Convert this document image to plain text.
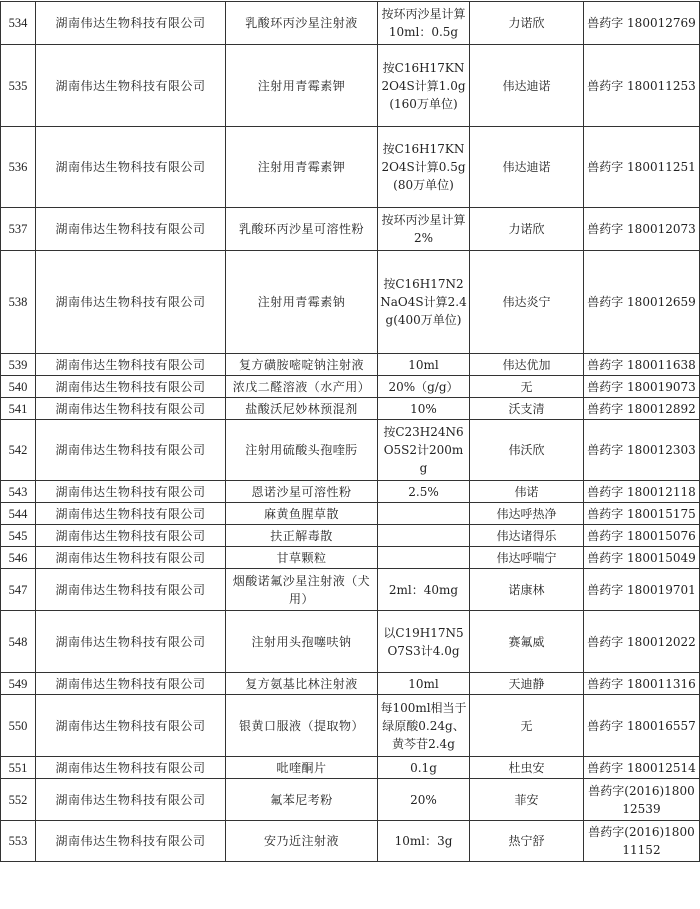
534	湖南伟达生物科技有限公司	乳酸环丙沙星注射液	按环丙沙星计算10ml：0.5g	力诺欣	兽药字 180012769
535	湖南伟达生物科技有限公司	注射用青霉素钾	按C16H17KN2O4S计算1.0g(160万单位)	伟达迪诺	兽药字 180011253
536	湖南伟达生物科技有限公司	注射用青霉素钾	按C16H17KN2O4S计算0.5g(80万单位)	伟达迪诺	兽药字 180011251
537	湖南伟达生物科技有限公司	乳酸环丙沙星可溶性粉	按环丙沙星计算2%	力诺欣	兽药字 180012073
538	湖南伟达生物科技有限公司	注射用青霉素钠	按C16H17N2NaO4S计算2.4g(400万单位)	伟达炎宁	兽药字 180012659
539	湖南伟达生物科技有限公司	复方磺胺嘧啶钠注射液	10ml	伟达优加	兽药字 180011638
540	湖南伟达生物科技有限公司	浓戊二醛溶液（水产用）	20%（g/g）	无	兽药字 180019073
541	湖南伟达生物科技有限公司	盐酸沃尼妙林预混剂	10%	沃支清	兽药字 180012892
542	湖南伟达生物科技有限公司	注射用硫酸头孢喹肟	按C23H24N6O5S2计200mg	伟沃欣	兽药字 180012303
543	湖南伟达生物科技有限公司	恩诺沙星可溶性粉	2.5%	伟诺	兽药字 180012118
544	湖南伟达生物科技有限公司	麻黄鱼腥草散		伟达呼热净	兽药字 180015175
545	湖南伟达生物科技有限公司	扶正解毒散		伟达诸得乐	兽药字 180015076
546	湖南伟达生物科技有限公司	甘草颗粒		伟达呼喘宁	兽药字 180015049
547	湖南伟达生物科技有限公司	烟酸诺氟沙星注射液（犬用）	2ml：40mg	诺康林	兽药字 180019701
548	湖南伟达生物科技有限公司	注射用头孢噻呋钠	以C19H17N5O7S3计4.0g	赛氟威	兽药字 180012022
549	湖南伟达生物科技有限公司	复方氨基比林注射液	10ml	天迪静	兽药字 180011316
550	湖南伟达生物科技有限公司	银黄口服液（提取物）	每100ml相当于绿原酸0.24g、黄芩苷2.4g	无	兽药字 180016557
551	湖南伟达生物科技有限公司	吡喹酮片	0.1g	杜虫安	兽药字 180012514
552	湖南伟达生物科技有限公司	氟苯尼考粉	20%	菲安	兽药字(2016)180012539
553	湖南伟达生物科技有限公司	安乃近注射液	10ml：3g	热宁舒	兽药字(2016)180011152
